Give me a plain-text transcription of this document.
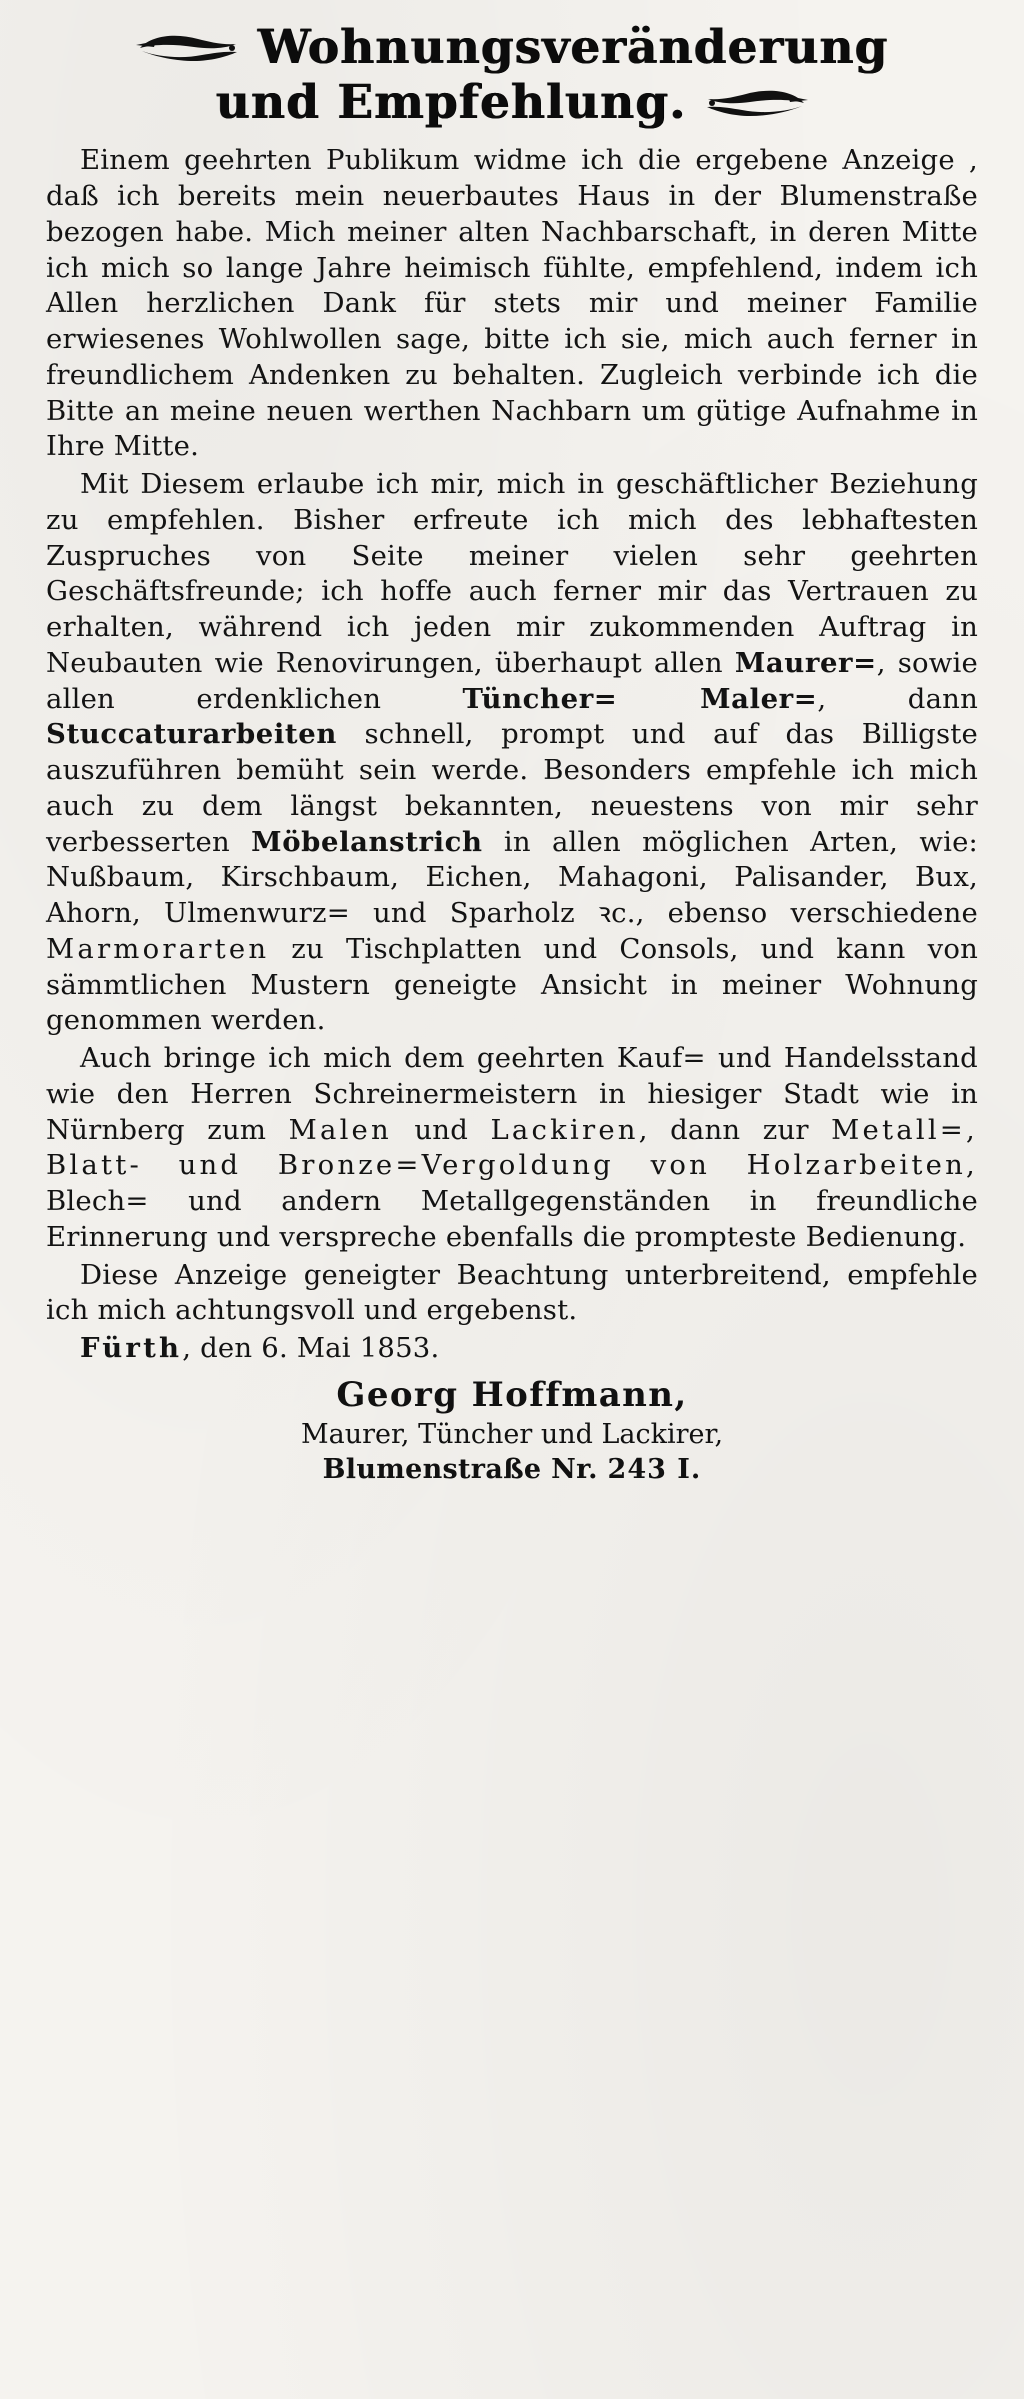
Wohnungsveränderung
und Empfehlung.

Einem geehrten Publikum widme ich die ergebene Anzeige , daß ich bereits mein neuerbautes Haus in der Blumenstraße bezogen habe. Mich meiner alten Nachbarschaft, in deren Mitte ich mich so lange Jahre heimisch fühlte, empfehlend, indem ich Allen herzlichen Dank für stets mir und meiner Familie erwiesenes Wohlwollen sage, bitte ich sie, mich auch ferner in freundlichem Andenken zu behalten. Zugleich verbinde ich die Bitte an meine neuen werthen Nachbarn um gütige Aufnahme in Ihre Mitte.

Mit Diesem erlaube ich mir, mich in geschäftlicher Beziehung zu empfehlen. Bisher erfreute ich mich des lebhaftesten Zuspruches von Seite meiner vielen sehr geehrten Geschäftsfreunde; ich hoffe auch ferner mir das Vertrauen zu erhalten, während ich jeden mir zukommenden Auftrag in Neubauten wie Renovirungen, überhaupt allen Maurer=, sowie allen erdenklichen Tüncher= Maler=, dann Stuccaturarbeiten schnell, prompt und auf das Billigste auszuführen bemüht sein werde. Besonders empfehle ich mich auch zu dem längst bekannten, neuestens von mir sehr verbesserten Möbelanstrich in allen möglichen Arten, wie: Nußbaum, Kirschbaum, Eichen, Mahagoni, Palisander, Bux, Ahorn, Ulmenwurz= und Sparholz ꝛc., ebenso verschiedene Marmorarten zu Tischplatten und Consols, und kann von sämmtlichen Mustern geneigte Ansicht in meiner Wohnung genommen werden.

Auch bringe ich mich dem geehrten Kauf= und Handelsstand wie den Herren Schreinermeistern in hiesiger Stadt wie in Nürnberg zum Malen und Lackiren, dann zur Metall=, Blatt- und Bronze=Vergoldung von Holzarbeiten, Blech= und andern Metallgegenständen in freundliche Erinnerung und verspreche ebenfalls die prompteste Bedienung.

Diese Anzeige geneigter Beachtung unterbreitend, empfehle ich mich achtungsvoll und ergebenst.

Fürth, den 6. Mai 1853.
Georg Hoffmann,
Maurer, Tüncher und Lackirer,
Blumenstraße Nr. 243 I.
